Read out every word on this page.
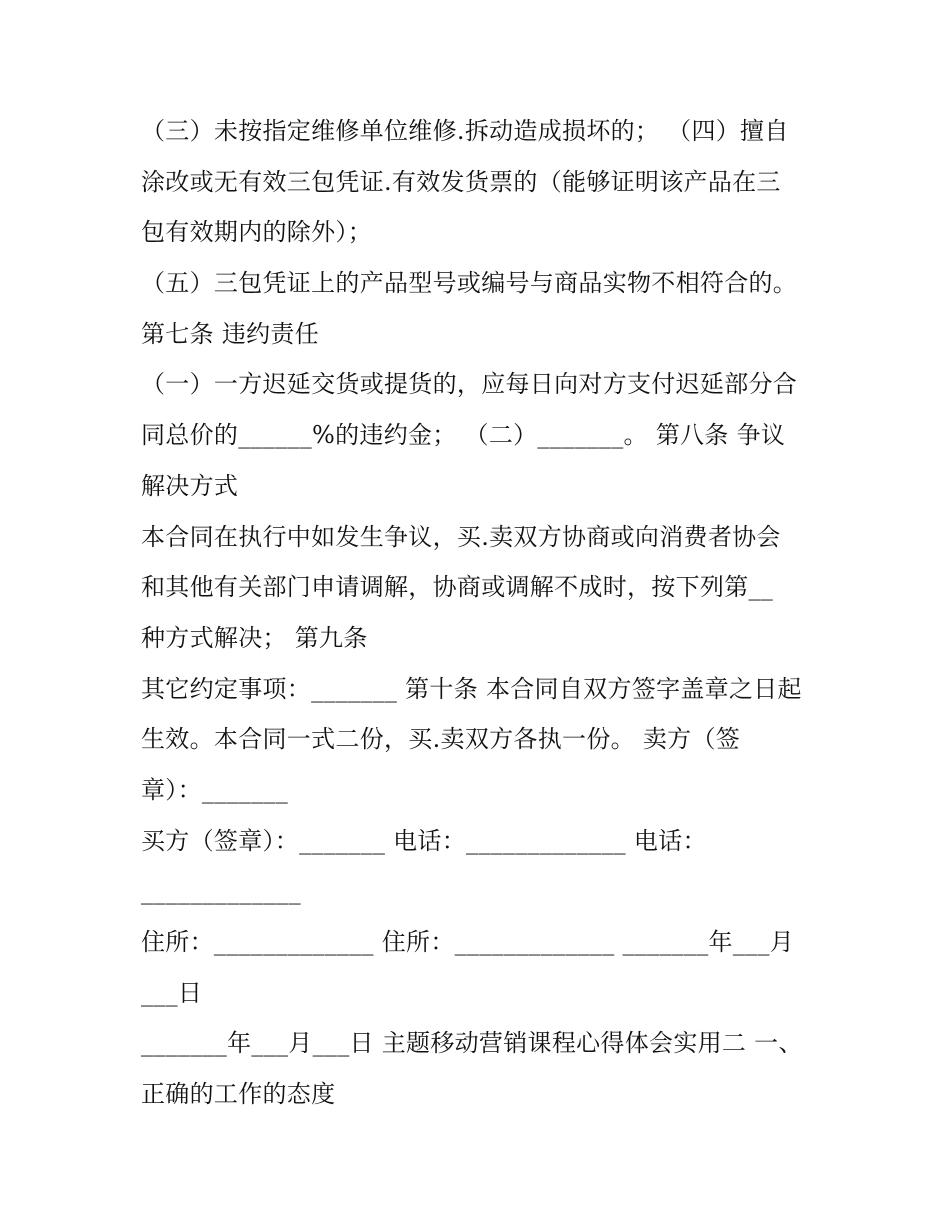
（三）未按指定维修单位维修.拆动造成损坏的； （四）擅自
涂改或无有效三包凭证.有效发货票的（能够证明该产品在三
包有效期内的除外）；
（五）三包凭证上的产品型号或编号与商品实物不相符合的。
第七条 违约责任
（一）一方迟延交货或提货的，应每日向对方支付迟延部分合
同总价的______%的违约金； （二）_______。 第八条 争议
解决方式
本合同在执行中如发生争议，买.卖双方协商或向消费者协会
和其他有关部门申请调解，协商或调解不成时，按下列第__
种方式解决； 第九条
其它约定事项：_______ 第十条 本合同自双方签字盖章之日起
生效。本合同一式二份，买.卖双方各执一份。 卖方（签
章）：_______
买方（签章）：_______ 电话：_____________ 电话：
_____________
住所：_____________ 住所：_____________ _______年___月
___日
_______年___月___日 主题移动营销课程心得体会实用二 一、
正确的工作的态度
